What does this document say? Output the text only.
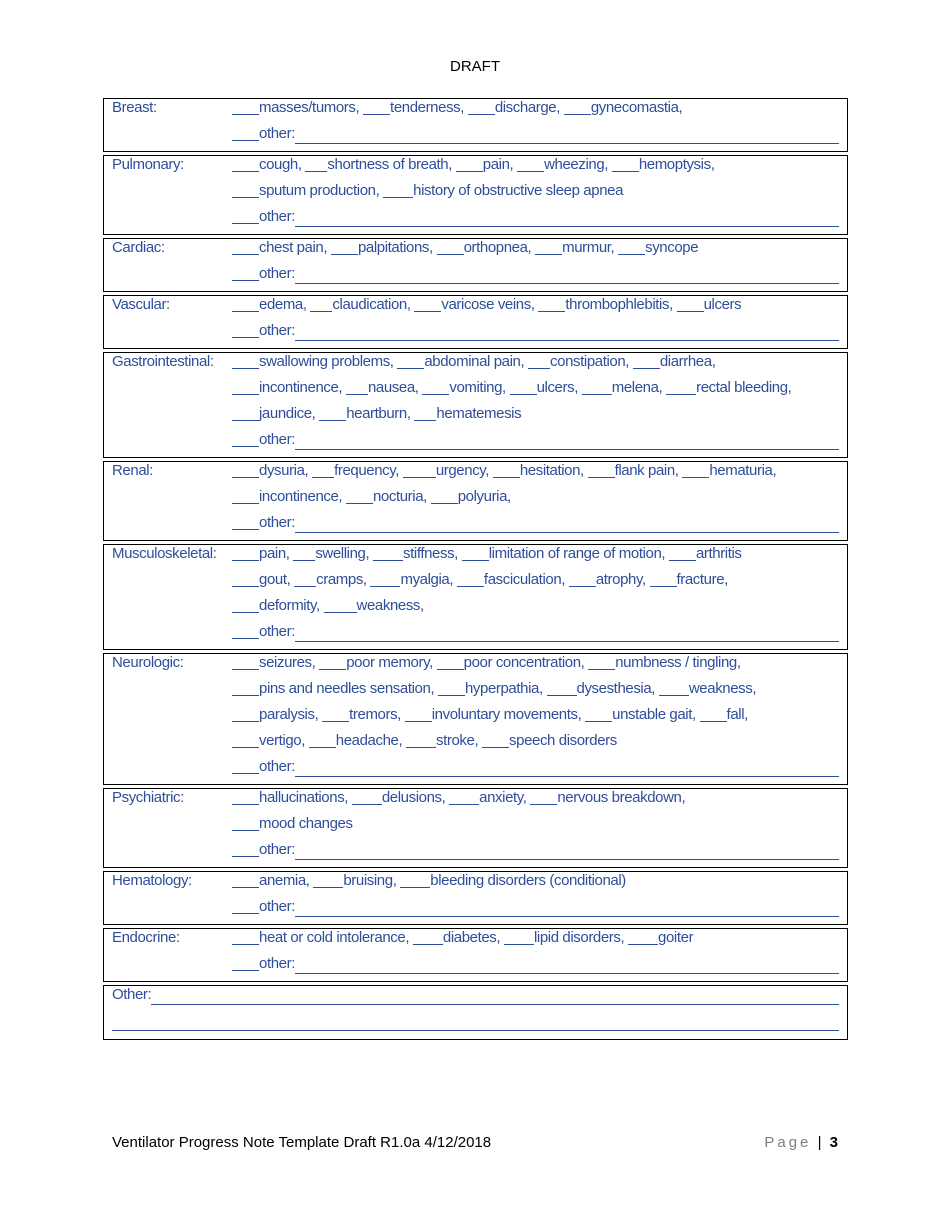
DRAFT
Breast:	masses/tumors,
tenderness,
discharge,
gynecomastia,
other:
Pulmonary:	cough,
shortness of breath,
pain,
wheezing,
hemoptysis,
sputum production,
history of obstructive sleep apnea
other:
Cardiac:	chest pain,
palpitations,
orthopnea,
murmur,
syncope
other:
Vascular:	edema,
claudication,
varicose veins,
thrombophlebitis,
ulcers
other:
Gastrointestinal:	swallowing problems,
abdominal pain,
constipation,
diarrhea,
incontinence,
nausea,
vomiting,
ulcers,
melena,
rectal bleeding,
jaundice,
heartburn,
hematemesis
other:
Renal:	dysuria,
frequency,
urgency,
hesitation,
flank pain,
hematuria,
incontinence,
nocturia,
polyuria,
other:
Musculoskeletal:	pain,
swelling,
stiffness,
limitation of range of motion,
arthritis
gout,
cramps,
myalgia,
fasciculation,
atrophy,
fracture,
deformity,
weakness,
other:
Neurologic:	seizures,
poor memory,
poor concentration,
numbness / tingling,
pins and needles sensation,
hyperpathia,
dysesthesia,
weakness,
paralysis,
tremors,
involuntary movements,
unstable gait,
fall,
vertigo,
headache,
stroke,
speech disorders
other:
Psychiatric:	hallucinations,
delusions,
anxiety,
nervous breakdown,
mood changes
other:
Hematology:	anemia,
bruising,
bleeding disorders (conditional)
other:
Endocrine:	heat or cold intolerance,
diabetes,
lipid disorders,
goiter
other:
Other:
Ventilator Progress Note Template Draft R1.0a 4/12/2018	Page | 3
